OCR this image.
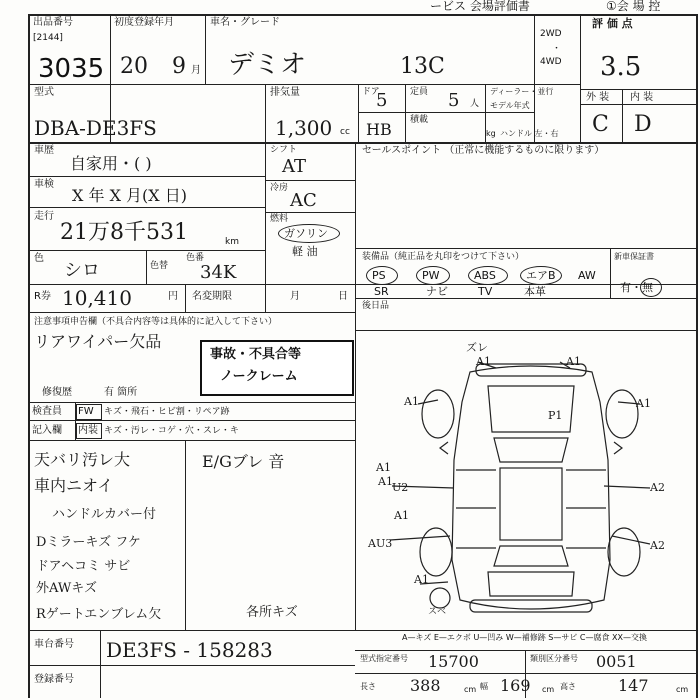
ービス 会場評価書	①会 場 控
出品番号
[2144]
3035
初度登録年月
20 9 月
車名・グレード
デミオ	13C
2WD
・
4WD
評 価 点
3.5
外 装 内 装
C D
型式
DBA-DE3FS
排気量
1,300 cc
ドア
5	定員 5 人
ディーラー・並行
モデル年式
HB 積載
kg ハンドル 左・右
車歴
自家用・( )
車検
X 年 X 月(X 日)
走行
21万8千531	km
色
シロ	色替
色番
34K
R券 10,410	円 名変期限	月	日
シフト
AT
冷房
AC
燃料
ガソリン
軽 油
セールスポイント （正常に機能するものに限ります）
装備品（純正品を丸印をつけて下さい）	新車保証書
PS	PW	ABS	エアB AW
SR	ナビ	TV	本革	有・無
後日品
注意事項申告欄（不具合内容等は具体的に記入して下さい）
リアワイパー欠品
修復歴	有 箇所
事故・不具合等
ノークレーム
検査員
記入欄
FW キズ・飛石・ヒビ割・リペア跡
内装 キズ・汚レ・コゲ・穴・スレ・キ
天バリ汚レ大
車内ニオイ
ハンドルカバー付
Dミラーキズ フケ
ドアヘコミ サビ
外AWキズ
Rゲートエンブレム欠
E/Gブレ 音
各所キズ
ズレ
A1	A1
A1	A1
P1
A1
A1 U2	A2
A1
AU3	A2
A1
スベ
A—キズ E—エクボ U—凹み W—補修跡 S—サビ C—腐食 XX—交換
車台番号 DE3FS - 158283
登録番号
型式指定番号 15700	類別区分番号 0051
長さ 388	cm 幅 169 cm 高さ	147	cm
